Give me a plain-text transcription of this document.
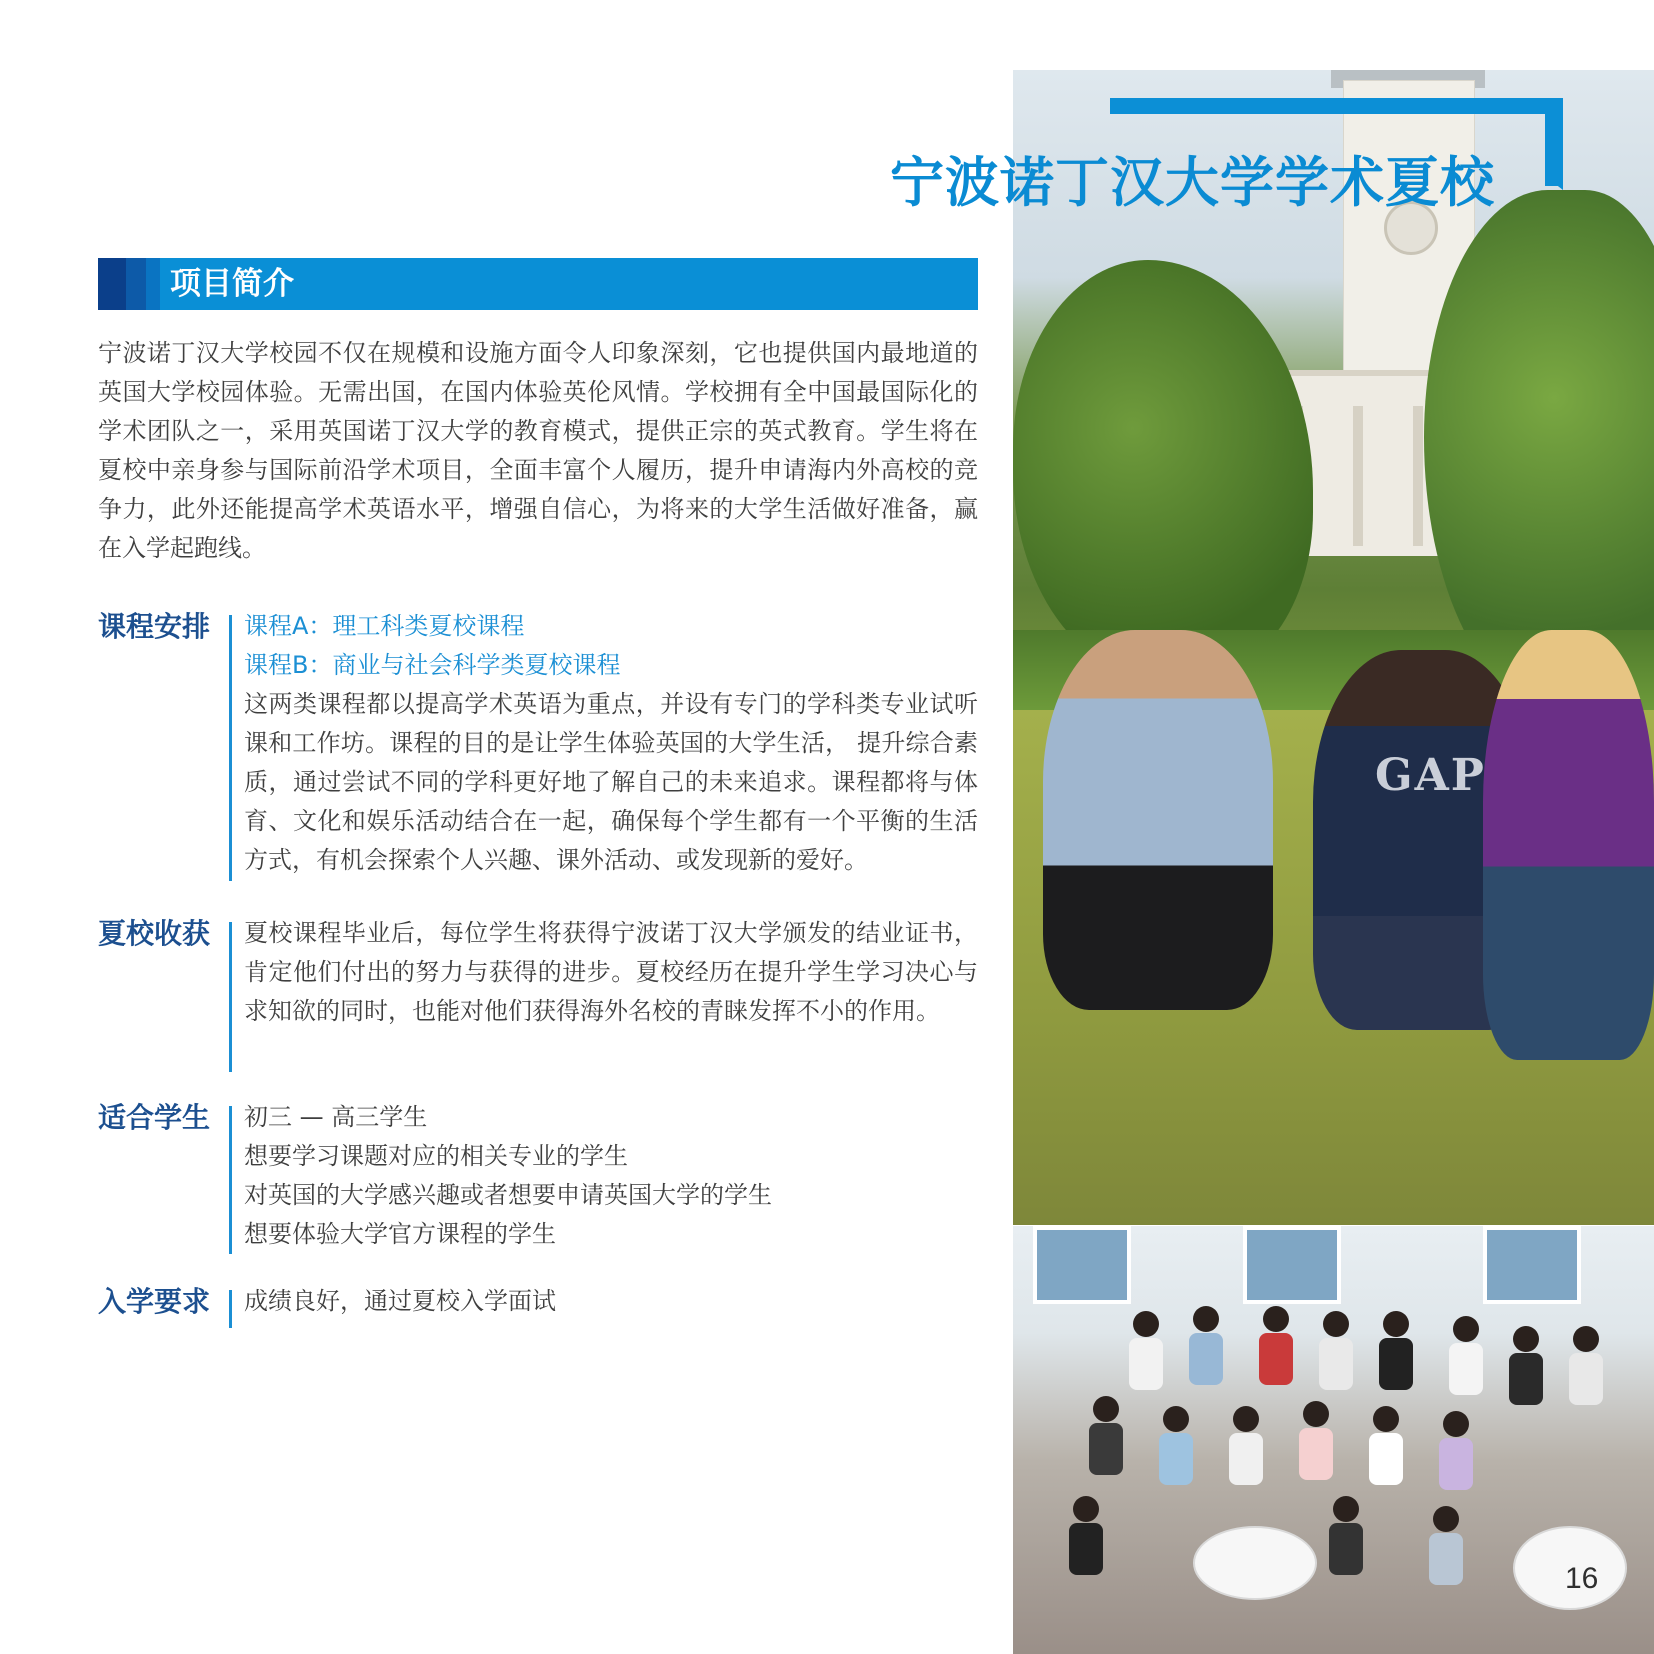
GAP
宁波诺丁汉大学学术夏校
项目简介

宁波诺丁汉大学校园不仅在规模和设施方面令人印象深刻，它也提供国内最地道的英国大学校园体验。无需出国，在国内体验英伦风情。学校拥有全中国最国际化的学术团队之一，采用英国诺丁汉大学的教育模式，提供正宗的英式教育。学生将在夏校中亲身参与国际前沿学术项目，全面丰富个人履历，提升申请海内外高校的竞争力，此外还能提高学术英语水平，增强自信心，为将来的大学生活做好准备，赢在入学起跑线。

课程安排	课程A：理工科类夏校课程

课程B：商业与社会科学类夏校课程

这两类课程都以提高学术英语为重点，并设有专门的学科类专业试听课和工作坊。课程的目的是让学生体验英国的大学生活， 提升综合素质，通过尝试不同的学科更好地了解自己的未来追求。课程都将与体育、文化和娱乐活动结合在一起，确保每个学生都有一个平衡的生活方式，有机会探索个人兴趣、课外活动、或发现新的爱好。

夏校收获	夏校课程毕业后，每位学生将获得宁波诺丁汉大学颁发的结业证书，肯定他们付出的努力与获得的进步。夏校经历在提升学生学习决心与求知欲的同时，也能对他们获得海外名校的青睐发挥不小的作用。

适合学生	初三 — 高三学生

想要学习课题对应的相关专业的学生

对英国的大学感兴趣或者想要申请英国大学的学生

想要体验大学官方课程的学生

入学要求	成绩良好，通过夏校入学面试

16
